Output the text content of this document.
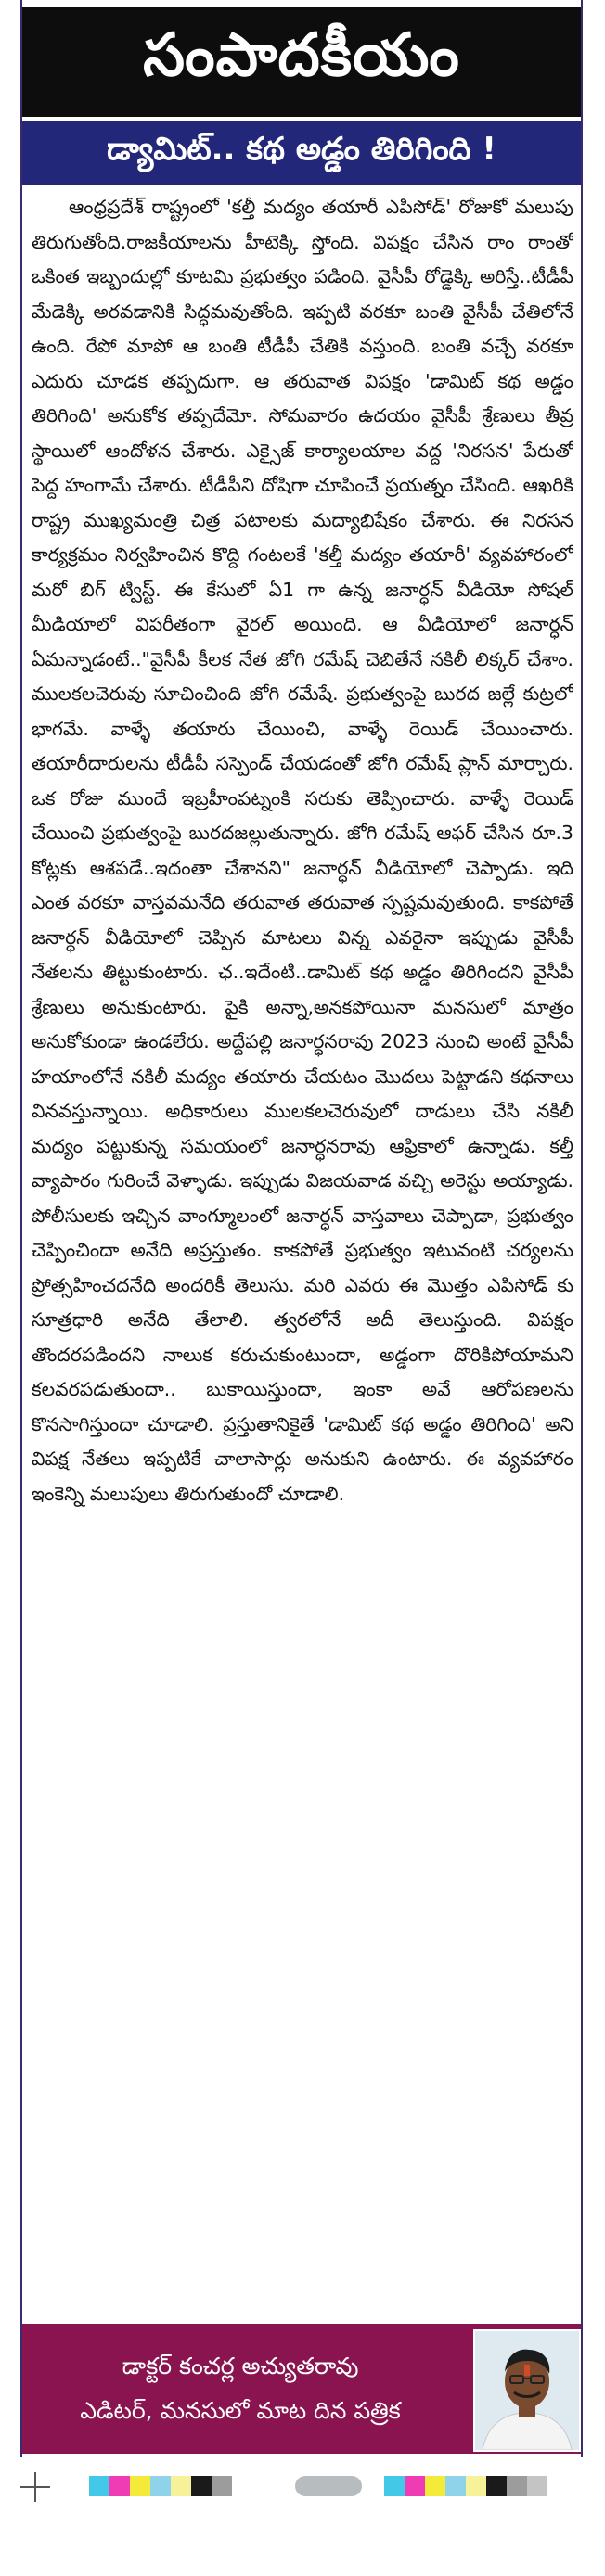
సంపాదకీయం
డ్యామిట్.. కథ అడ్డం తిరిగింది !

ఆంధ్రప్రదేశ్ రాష్ట్రంలో 'కల్తీ మద్యం తయారీ ఎపిసోడ్' రోజుకో మలుపు తిరుగుతోంది.రాజకీయాలను హీటెక్కి స్తోంది. విపక్షం చేసిన రాం రాంతో ఒకింత ఇబ్బందుల్లో కూటమి ప్రభుత్వం పడింది. వైసీపీ రోడ్డెక్కి అరిస్తే..టీడీపీ మేడెక్కి అరవడానికి సిద్ధమవుతోంది. ఇప్పటి వరకూ బంతి వైసీపీ చేతిలోనే ఉంది. రేపో మాపో ఆ బంతి టీడీపీ చేతికి వస్తుంది. బంతి వచ్చే వరకూ ఎదురు చూడక తప్పదుగా. ఆ తరువాత విపక్షం 'డామిట్ కథ అడ్డం తిరిగింది' అనుకోక తప్పదేమో. సోమవారం ఉదయం వైసీపీ శ్రేణులు తీవ్ర స్థాయిలో ఆందోళన చేశారు. ఎక్సైజ్ కార్యాలయాల వద్ద 'నిరసన' పేరుతో పెద్ద హంగామే చేశారు. టీడీపీని దోషిగా చూపించే ప్రయత్నం చేసింది. ఆఖరికి రాష్ట్ర ముఖ్యమంత్రి చిత్ర పటాలకు మద్యాభిషేకం చేశారు. ఈ నిరసన కార్యక్రమం నిర్వహించిన కొద్ది గంటలకే 'కల్తీ మద్యం తయారీ' వ్యవహారంలో మరో బిగ్ ట్విస్ట్. ఈ కేసులో ఏ1 గా ఉన్న జనార్ధన్ వీడియో సోషల్ మీడియాలో విపరీతంగా వైరల్ అయింది. ఆ వీడియోలో జనార్ధన్ ఏమన్నాడంటే.."వైసీపీ కీలక నేత జోగి రమేష్ చెబితేనే నకిలీ లిక్కర్ చేశాం. ములకలచెరువు సూచించింది జోగి రమేషే. ప్రభుత్వంపై బురద జల్లే కుట్రలో భాగమే. వాళ్ళే తయారు చేయించి, వాళ్ళే రెయిడ్ చేయించారు. తయారీదారులను టీడీపీ సస్పెండ్ చేయడంతో జోగి రమేష్ ప్లాన్ మార్చారు. ఒక రోజు ముందే ఇబ్రహీంపట్నంకి సరుకు తెప్పించారు. వాళ్ళే రెయిడ్ చేయించి ప్రభుత్వంపై బురదజల్లుతున్నారు. జోగి రమేష్ ఆఫర్ చేసిన రూ.3 కోట్లకు ఆశపడే..ఇదంతా చేశానని" జనార్ధన్ వీడియోలో చెప్పాడు. ఇది ఎంత వరకూ వాస్తవమనేది తరువాత తరువాత స్పష్టమవుతుంది. కాకపోతే జనార్ధన్ వీడియోలో చెప్పిన మాటలు విన్న ఎవరైనా ఇప్పుడు వైసీపీ నేతలను తిట్టుకుంటారు. ఛ..ఇదేంటి..డామిట్ కథ అడ్డం తిరిగిందని వైసీపీ శ్రేణులు అనుకుంటారు. పైకి అన్నా,అనకపోయినా మనసులో మాత్రం అనుకోకుండా ఉండలేరు. అద్దేపల్లి జనార్ధనరావు 2023 నుంచి అంటే వైసీపీ హయాంలోనే నకిలీ మద్యం తయారు చేయటం మొదలు పెట్టాడని కథనాలు వినవస్తున్నాయి. అధికారులు ములకలచెరువులో దాడులు చేసి నకిలీ మద్యం పట్టుకున్న సమయంలో జనార్ధనరావు ఆఫ్రికాలో ఉన్నాడు. కల్తీ వ్యాపారం గురించే వెళ్ళాడు. ఇప్పుడు విజయవాడ వచ్చి అరెస్టు అయ్యాడు. పోలీసులకు ఇచ్చిన వాంగ్మూలంలో జనార్ధన్ వాస్తవాలు చెప్పాడా, ప్రభుత్వం చెప్పించిందా అనేది అప్రస్తుతం. కాకపోతే ప్రభుత్వం ఇటువంటి చర్యలను ప్రోత్సహించదనేది అందరికీ తెలుసు. మరి ఎవరు ఈ మొత్తం ఎపిసోడ్ కు సూత్రధారి అనేది తేలాలి. త్వరలోనే అదీ తెలుస్తుంది. విపక్షం తొందరపడిందని నాలుక కరుచుకుంటుందా, అడ్డంగా దొరికిపోయామని కలవరపడుతుందా.. బుకాయిస్తుందా, ఇంకా అవే ఆరోపణలను కొనసాగిస్తుందా చూడాలి. ప్రస్తుతానికైతే 'డామిట్ కథ అడ్డం తిరిగింది' అని విపక్ష నేతలు ఇప్పటికే చాలాసార్లు అనుకుని ఉంటారు. ఈ వ్యవహారం ఇంకెన్ని మలుపులు తిరుగుతుందో చూడాలి.

డాక్టర్ కంచర్ల అచ్యుతరావు
ఎడిటర్, మనసులో మాట దిన పత్రిక
